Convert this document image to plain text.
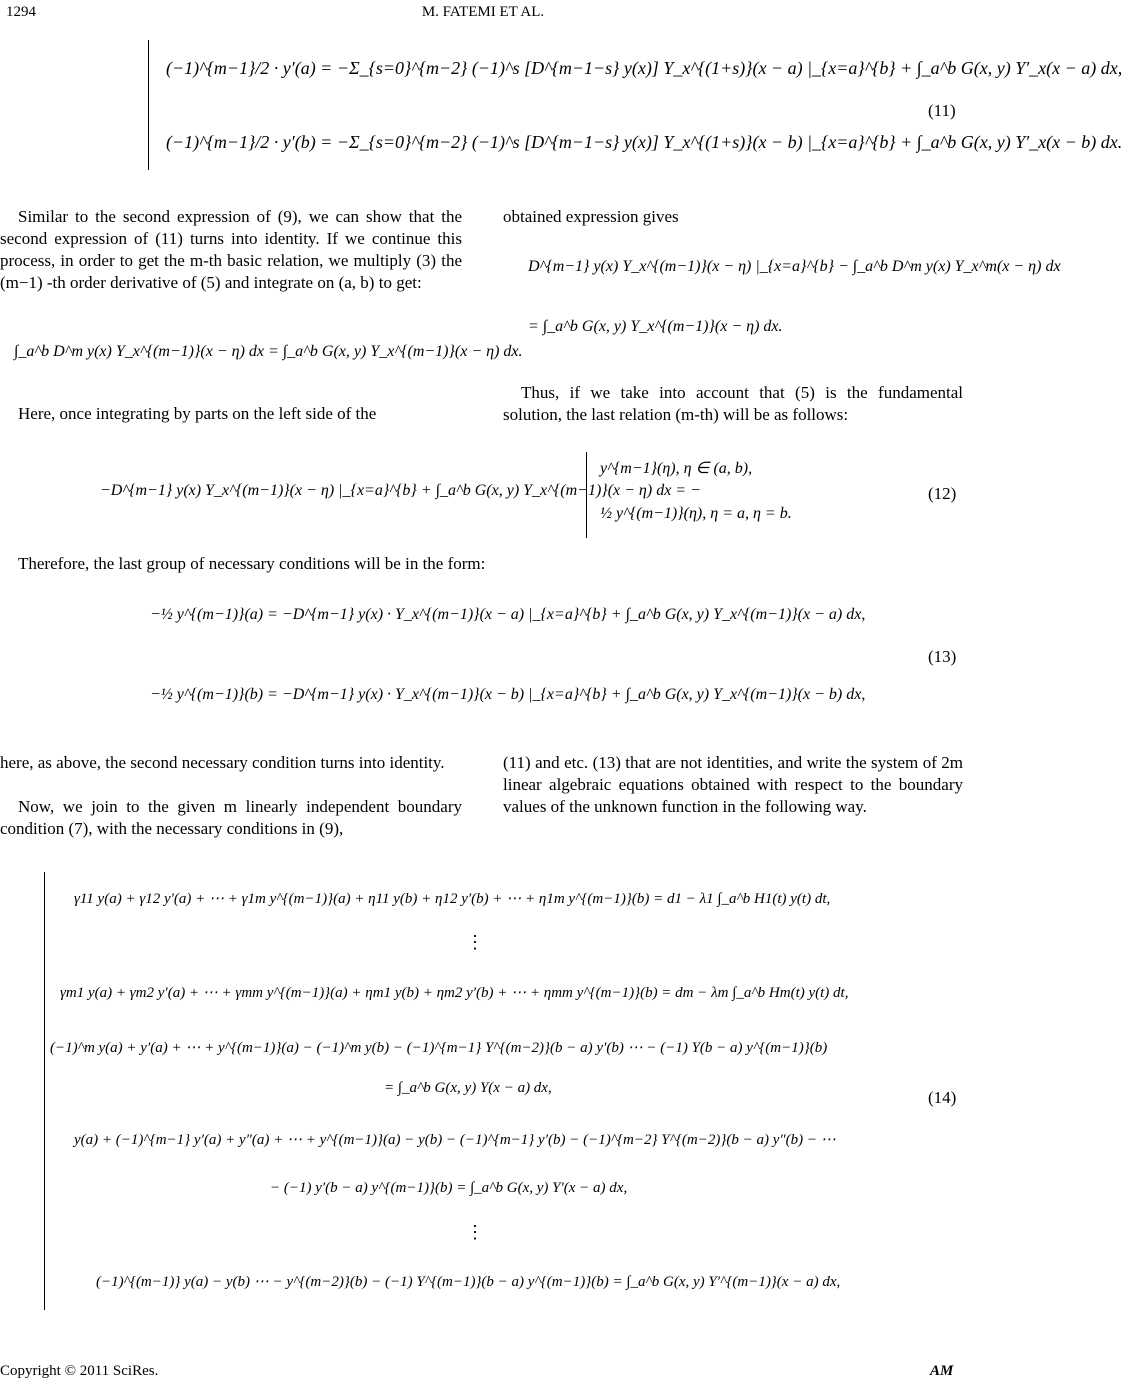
1294	M. FATEMI ET AL.
(−1)^{m−1}/2 · y′(a) = −Σ_{s=0}^{m−2} (−1)^s [D^{m−1−s} y(x)] Y_x^{(1+s)}(x − a) |_{x=a}^{b} + ∫_a^b G(x, y) Y′_x(x − a) dx,
(−1)^{m−1}/2 · y′(b) = −Σ_{s=0}^{m−2} (−1)^s [D^{m−1−s} y(x)] Y_x^{(1+s)}(x − b) |_{x=a}^{b} + ∫_a^b G(x, y) Y′_x(x − b) dx.
(11)
Similar to the second expression of (9), we can show that the second expression of (11) turns into identity. If we continue this process, in order to get the m-th basic relation, we multiply (3) the (m−1) -th order derivative of (5) and integrate on (a, b) to get:
∫_a^b D^m y(x) Y_x^{(m−1)}(x − η) dx = ∫_a^b G(x, y) Y_x^{(m−1)}(x − η) dx.
Here, once integrating by parts on the left side of the
obtained expression gives
D^{m−1} y(x) Y_x^{(m−1)}(x − η) |_{x=a}^{b} − ∫_a^b D^m y(x) Y_x^m(x − η) dx
= ∫_a^b G(x, y) Y_x^{(m−1)}(x − η) dx.
Thus, if we take into account that (5) is the fundamental solution, the last relation (m-th) will be as follows:
−D^{m−1} y(x) Y_x^{(m−1)}(x − η) |_{x=a}^{b} + ∫_a^b G(x, y) Y_x^{(m−1)}(x − η) dx = −
y^{m−1}(η), η ∈ (a, b),
½ y^{(m−1)}(η), η = a, η = b.
(12)
Therefore, the last group of necessary conditions will be in the form:
−½ y^{(m−1)}(a) = −D^{m−1} y(x) · Y_x^{(m−1)}(x − a) |_{x=a}^{b} + ∫_a^b G(x, y) Y_x^{(m−1)}(x − a) dx,
−½ y^{(m−1)}(b) = −D^{m−1} y(x) · Y_x^{(m−1)}(x − b) |_{x=a}^{b} + ∫_a^b G(x, y) Y_x^{(m−1)}(x − b) dx,
(13)
here, as above, the second necessary condition turns into identity.
Now, we join to the given m linearly independent boundary condition (7), with the necessary conditions in (9),
(11) and etc. (13) that are not identities, and write the system of 2m linear algebraic equations obtained with respect to the boundary values of the unknown function in the following way.
γ11 y(a) + γ12 y′(a) + ⋯ + γ1m y^{(m−1)}(a) + η11 y(b) + η12 y′(b) + ⋯ + η1m y^{(m−1)}(b) = d1 − λ1 ∫_a^b H1(t) y(t) dt,
⋮
γm1 y(a) + γm2 y′(a) + ⋯ + γmm y^{(m−1)}(a) + ηm1 y(b) + ηm2 y′(b) + ⋯ + ηmm y^{(m−1)}(b) = dm − λm ∫_a^b Hm(t) y(t) dt,
(−1)^m y(a) + y′(a) + ⋯ + y^{(m−1)}(a) − (−1)^m y(b) − (−1)^{m−1} Y^{(m−2)}(b − a) y′(b) ⋯ − (−1) Y(b − a) y^{(m−1)}(b)
= ∫_a^b G(x, y) Y(x − a) dx,
y(a) + (−1)^{m−1} y′(a) + y″(a) + ⋯ + y^{(m−1)}(a) − y(b) − (−1)^{m−1} y′(b) − (−1)^{m−2} Y^{(m−2)}(b − a) y″(b) − ⋯
− (−1) y′(b − a) y^{(m−1)}(b) = ∫_a^b G(x, y) Y′(x − a) dx,
⋮
(−1)^{(m−1)} y(a) − y(b) ⋯ − y^{(m−2)}(b) − (−1) Y^{(m−1)}(b − a) y^{(m−1)}(b) = ∫_a^b G(x, y) Y′^{(m−1)}(x − a) dx,
(14)
Copyright © 2011 SciRes.	AM
